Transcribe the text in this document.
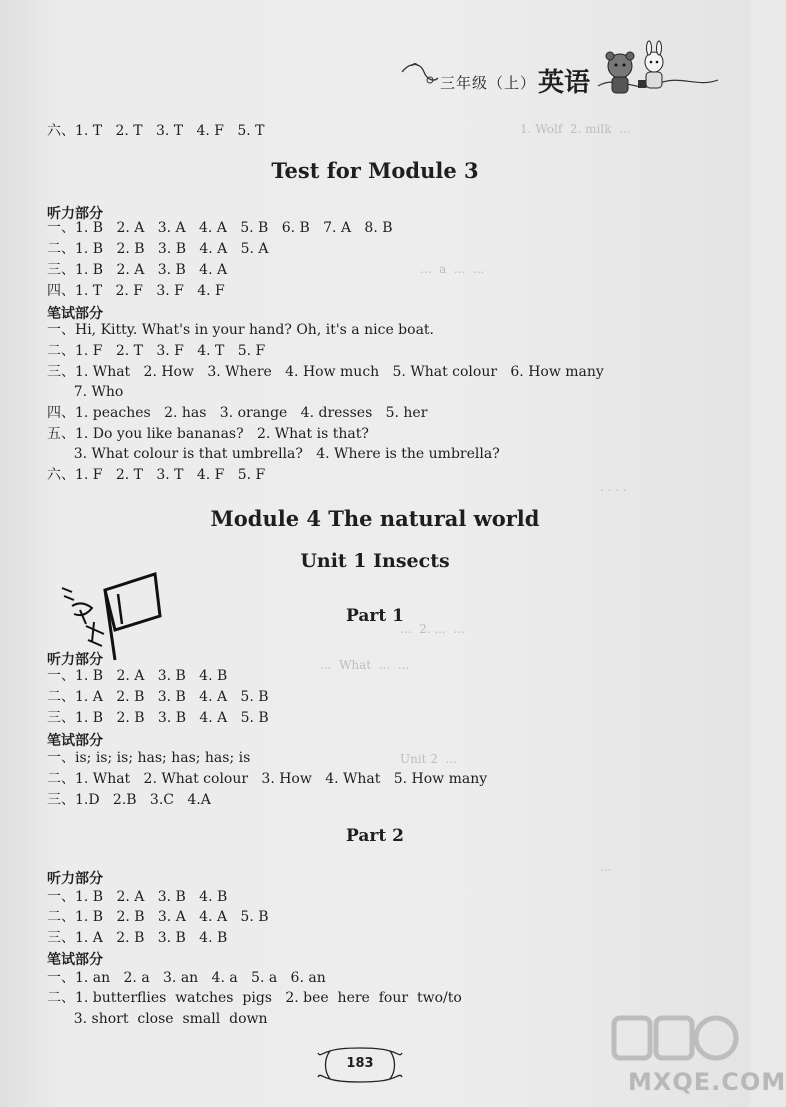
三年级（上） 英语
1. Wolf  2. milk  ...
...  a  ...  ...
. . . .
...  2. ...  ...
...  What  ...  ...
Unit 2  ...
...
六、1. T   2. T   3. T   4. F   5. T
Test for Module 3
听力部分
一、1. B   2. A   3. A   4. A   5. B   6. B   7. A   8. B
二、1. B   2. B   3. B   4. A   5. A
三、1. B   2. A   3. B   4. A
四、1. T   2. F   3. F   4. F
笔试部分
一、Hi, Kitty. What's in your hand? Oh, it's a nice boat.
二、1. F   2. T   3. F   4. T   5. F
三、1. What   2. How   3. Where   4. How much   5. What colour   6. How many
7. Who
四、1. peaches   2. has   3. orange   4. dresses   5. her
五、1. Do you like bananas?   2. What is that?
3. What colour is that umbrella?   4. Where is the umbrella?
六、1. F   2. T   3. T   4. F   5. F
Module 4 The natural world
Unit 1 Insects
Part 1
听力部分
一、1. B   2. A   3. B   4. B
二、1. A   2. B   3. B   4. A   5. B
三、1. B   2. B   3. B   4. A   5. B
笔试部分
一、is; is; is; has; has; has; is
二、1. What   2. What colour   3. How   4. What   5. How many
三、1.D   2.B   3.C   4.A
Part 2
听力部分
一、1. B   2. A   3. B   4. B
二、1. B   2. B   3. A   4. A   5. B
三、1. A   2. B   3. B   4. B
笔试部分
一、1. an   2. a   3. an   4. a   5. a   6. an
二、1. butterflies  watches  pigs   2. bee  here  four  two/to
3. short  close  small  down
183
MXQE.COM
